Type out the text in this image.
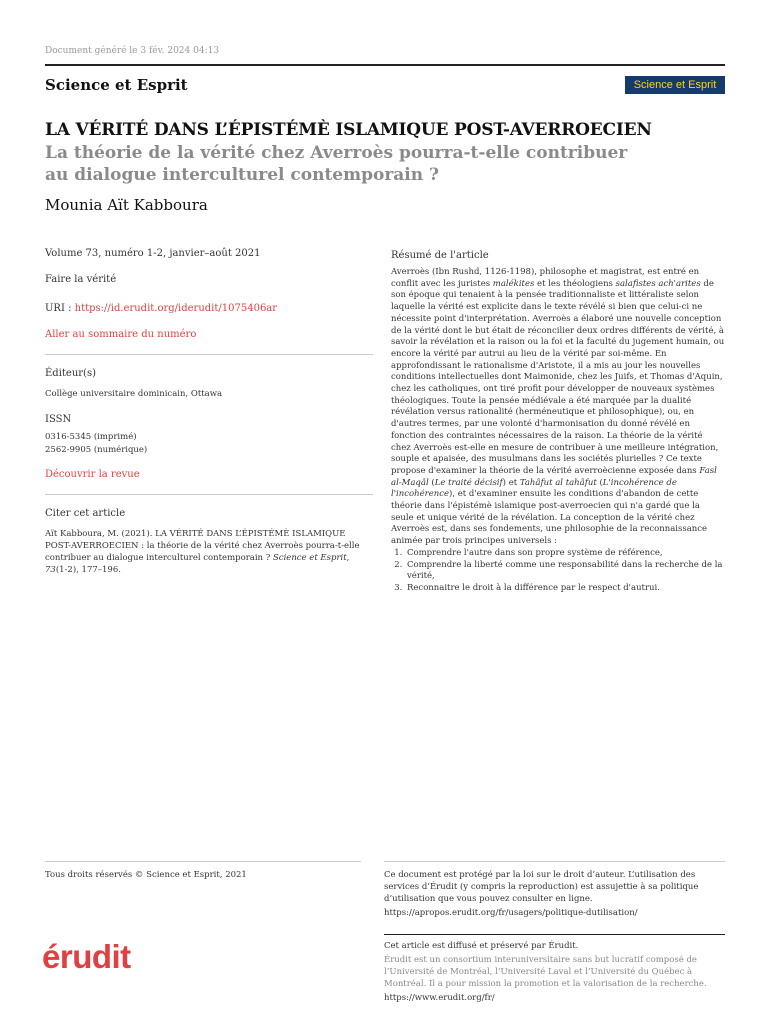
Document généré le 3 fév. 2024 04:13
Science et Esprit	Science et Esprit
LA VÉRITÉ DANS L’ÉPISTÉMÈ ISLAMIQUE POST-AVERROECIEN
La théorie de la vérité chez Averroès pourra-t-elle contribuer
au dialogue interculturel contemporain ?
Mounia Aït Kabboura
Volume 73, numéro 1-2, janvier–août 2021
Faire la vérité
URI : https://id.erudit.org/iderudit/1075406ar
Aller au sommaire du numéro
Éditeur(s)
Collège universitaire dominicain, Ottawa
ISSN
0316-5345 (imprimé)
2562-9905 (numérique)
Découvrir la revue
Citer cet article
Aït Kabboura, M. (2021). LA VÉRITÉ DANS L’ÉPISTÉMÈ ISLAMIQUE POST-AVERROECIEN : la théorie de la vérité chez Averroès pourra-t-elle contribuer au dialogue interculturel contemporain ? Science et Esprit, 73(1-2), 177–196.
Résumé de l'article

Averroès (Ibn Rushd, 1126-1198), philosophe et magistrat, est entré en conflit avec les juristes malékites et les théologiens salafistes ach'arites de son époque qui tenaient à la pensée traditionnaliste et littéraliste selon laquelle la vérité est explicite dans le texte révélé si bien que celui-ci ne nécessite point d'interprétation. Averroès a élaboré une nouvelle conception de la vérité dont le but était de réconcilier deux ordres différents de vérité, à savoir la révélation et la raison ou la foi et la faculté du jugement humain, ou encore la vérité par autrui au lieu de la vérité par soi-même. En approfondissant le rationalisme d'Aristote, il a mis au jour les nouvelles conditions intellectuelles dont Maimonide, chez les Juifs, et Thomas d'Aquin, chez les catholiques, ont tiré profit pour développer de nouveaux systèmes théologiques. Toute la pensée médiévale a été marquée par la dualité révélation versus rationalité (herméneutique et philosophique), ou, en d'autres termes, par une volonté d'harmonisation du donné révélé en fonction des contraintes nécessaires de la raison. La théorie de la vérité chez Averroès est-elle en mesure de contribuer à une meilleure intégration, souple et apaisée, des musulmans dans les sociétés plurielles ? Ce texte propose d'examiner la théorie de la vérité averroècienne exposée dans Fasl al-Maqâl (Le traité décisif) et Tahâfut al tahâfut (L'incohérence de l'incohérence), et d'examiner ensuite les conditions d'abandon de cette théorie dans l'épistémè islamique post-averroecien qui n'a gardé que la seule et unique vérité de la révélation. La conception de la vérité chez Averroès est, dans ses fondements, une philosophie de la reconnaissance animée par trois principes universels :

1. Comprendre l'autre dans son propre système de référence,
2. Comprendre la liberté comme une responsabilité dans la recherche de la vérité,
3. Reconnaitre le droit à la différence par le respect d'autrui.
Tous droits réservés © Science et Esprit, 2021	Ce document est protégé par la loi sur le droit d’auteur. L’utilisation des services d’Érudit (y compris la reproduction) est assujettie à sa politique d’utilisation que vous pouvez consulter en ligne.
https://apropos.erudit.org/fr/usagers/politique-dutilisation/
érudit	Cet article est diffusé et préservé par Érudit.
Érudit est un consortium interuniversitaire sans but lucratif composé de l’Université de Montréal, l’Université Laval et l’Université du Québec à Montréal. Il a pour mission la promotion et la valorisation de la recherche.
https://www.erudit.org/fr/
